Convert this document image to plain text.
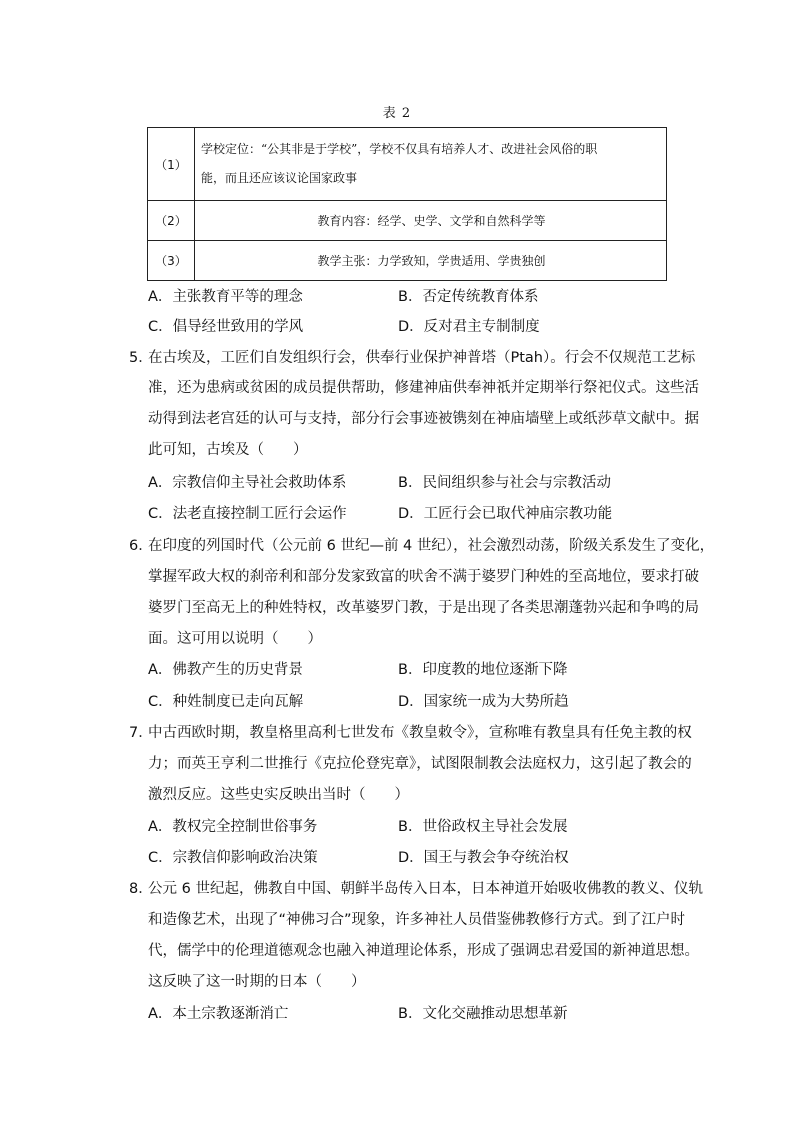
表 2
（1）	学校定位：“公其非是于学校”，学校不仅具有培养人才、改进社会风俗的职
能，而且还应该议论国家政事

（2）	教育内容：经学、史学、文学和自然科学等
（3）	教学主张：力学致知，学贵适用、学贵独创
A．主张教育平等的理念	B．否定传统教育体系
C．倡导经世致用的学风	D．反对君主专制制度
5．
在古埃及，工匠们自发组织行会，供奉行业保护神普塔（Ptah）。行会不仅规范工艺标
准，还为患病或贫困的成员提供帮助，修建神庙供奉神祇并定期举行祭祀仪式。这些活
动得到法老宫廷的认可与支持，部分行会事迹被镌刻在神庙墙壁上或纸莎草文献中。据
此可知，古埃及（　　）
A．宗教信仰主导社会救助体系	B．民间组织参与社会与宗教活动
C．法老直接控制工匠行会运作	D．工匠行会已取代神庙宗教功能
6．
在印度的列国时代（公元前 6 世纪—前 4 世纪），社会激烈动荡，阶级关系发生了变化，
掌握军政大权的刹帝利和部分发家致富的吠舍不满于婆罗门种姓的至高地位，要求打破
婆罗门至高无上的种姓特权，改革婆罗门教，于是出现了各类思潮蓬勃兴起和争鸣的局
面。这可用以说明（　　）
A．佛教产生的历史背景	B．印度教的地位逐渐下降
C．种姓制度已走向瓦解	D．国家统一成为大势所趋
7．
中古西欧时期，教皇格里高利七世发布《教皇敕令》，宣称唯有教皇具有任免主教的权
力；而英王亨利二世推行《克拉伦登宪章》，试图限制教会法庭权力，这引起了教会的
激烈反应。这些史实反映出当时（　　）
A．教权完全控制世俗事务	B．世俗政权主导社会发展
C．宗教信仰影响政治决策	D．国王与教会争夺统治权
8．
公元 6 世纪起，佛教自中国、朝鲜半岛传入日本，日本神道开始吸收佛教的教义、仪轨
和造像艺术，出现了“神佛习合”现象，许多神社人员借鉴佛教修行方式。到了江户时
代，儒学中的伦理道德观念也融入神道理论体系，形成了强调忠君爱国的新神道思想。
这反映了这一时期的日本（　　）
A．本土宗教逐渐消亡	B．文化交融推动思想革新
